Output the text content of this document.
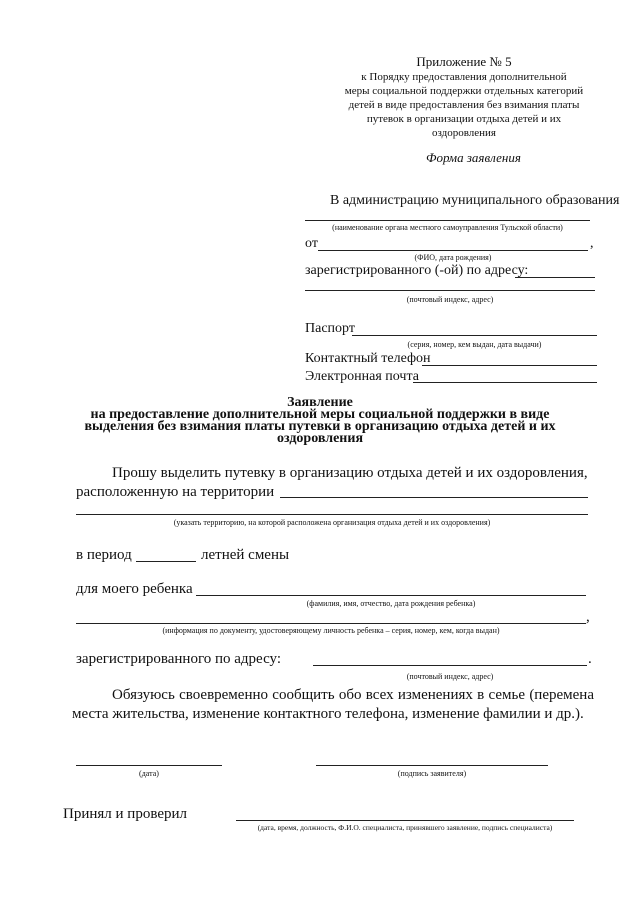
Приложение № 5
к Порядку предоставления дополнительной
меры социальной поддержки отдельных категорий
детей в виде предоставления без взимания платы
путевок в организации отдыха детей и их
оздоровления
Форма заявления
В администрацию муниципального образования
(наименование органа местного самоуправления Тульской области)
от	,
(ФИО, дата рождения)
зарегистрированного (-ой) по адресу:
(почтовый индекс, адрес)
Паспорт
(серия, номер, кем выдан, дата выдачи)
Контактный телефон
Электронная почта
Заявление
на предоставление дополнительной меры социальной поддержки в виде
выделения без взимания платы путевки в организацию отдыха детей и их
оздоровления
Прошу выделить путевку в организацию отдыха детей и их оздоровления,
расположенную на территории
(указать территорию, на которой расположена организация отдыха детей и их оздоровления)
в период	летней смены
для моего ребенка
(фамилия, имя, отчество, дата рождения ребенка)
,
(информация по документу, удостоверяющему личность ребенка – серия, номер, кем, когда выдан)
зарегистрированного по адресу:	.
(почтовый индекс, адрес)
Обязуюсь своевременно сообщить обо всех изменениях в семье (перемена места жительства, изменение контактного телефона, изменение фамилии и др.).
(дата)	(подпись заявителя)
Принял и проверил
(дата, время, должность, Ф.И.О. специалиста, принявшего заявление, подпись специалиста)
